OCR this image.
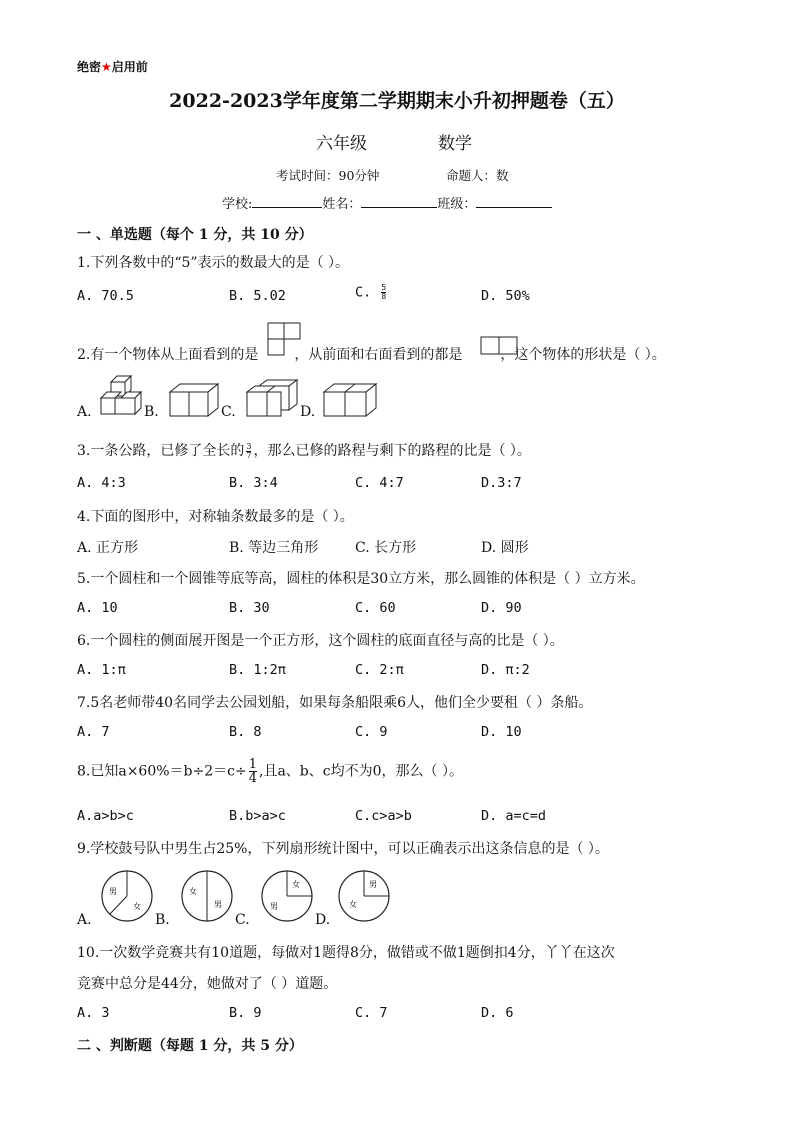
绝密★启用前
2022-2023学年度第二学期期末小升初押题卷（五）
六年级	数学
考试时间：90分钟	命题人：数
学校:	姓名：	班级：
一 、单选题（每个 1 分，共 10 分）
1.下列各数中的“5”表示的数最大的是（ ）。
A. 70.5	B. 5.02	C. $\frac{5}{8}$	D. 50%
2.有一个物体从上面看到的是	，从前面和右面看到的都是	，这个物体的形状是（ ）。
A.	B.	C.	D.
3.一条公路，已修了全长的 $\frac{3}{7}$ ，那么已修的路程与剩下的路程的比是（ ）。
A. 4:3	B. 3:4	C. 4:7	D.3:7
4.下面的图形中，对称轴条数最多的是（ ）。
A. 正方形	B. 等边三角形	C. 长方形	D. 圆形
5.一个圆柱和一个圆锥等底等高，圆柱的体积是30立方米，那么圆锥的体积是（ ）立方米。
A. 10	B. 30	C. 60	D. 90
6.一个圆柱的侧面展开图是一个正方形，这个圆柱的底面直径与高的比是（ ）。
A. 1:π	B. 1:2π	C. 2:π	D. π:2
7.5名老师带40名同学去公园划船，如果每条船限乘6人，他们全少要租（ ）条船。
A. 7	B. 8	C. 9	D. 10
8.已知$a\times 60\%=b\div 2=c\div \frac{1}{4}$ ,且a、b、c均不为0，那么（ ）。
A.a>b>c	B.b>a>c	C.c>a>b	D. a=c=d
9.学校鼓号队中男生占25%，下列扇形统计图中，可以正确表示出这条信息的是（ ）。
A.
男
女
B.
女
男
C.
女
男
D.
男
女
10.一次数学竞赛共有10道题，每做对1题得8分，做错或不做1题倒扣4分，丫丫在这次
竞赛中总分是44分，她做对了（ ）道题。
A. 3	B. 9	C. 7	D. 6
二 、判断题（每题 1 分，共 5 分）
